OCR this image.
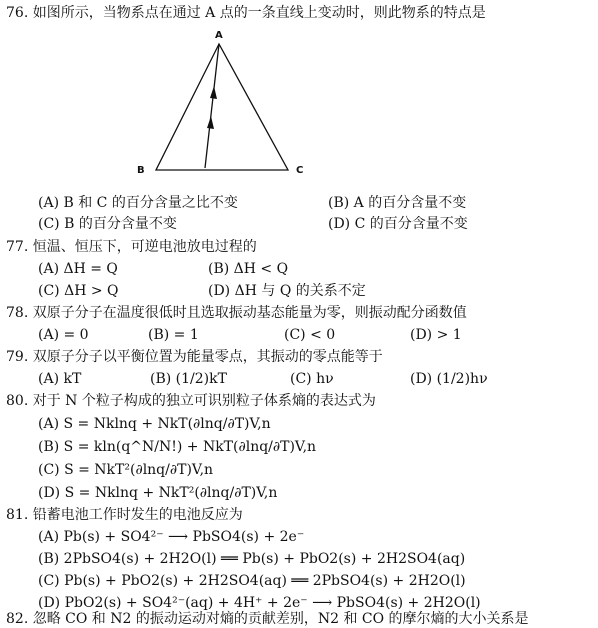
76. 如图所示，当物系点在通过 A 点的一条直线上变动时，则此物系的特点是
A
B	C
(A) B 和 C 的百分含量之比不变	(B) A 的百分含量不变
(C) B 的百分含量不变	(D) C 的百分含量不变
77. 恒温、恒压下，可逆电池放电过程的
(A) ΔH = Q	(B) ΔH < Q
(C) ΔH > Q	(D) ΔH 与 Q 的关系不定
78. 双原子分子在温度很低时且选取振动基态能量为零，则振动配分函数值
(A) = 0	(B) = 1	(C) < 0	(D) > 1
79. 双原子分子以平衡位置为能量零点，其振动的零点能等于
(A) kT	(B) (1/2)kT	(C) hν	(D) (1/2)hν
80. 对于 N 个粒子构成的独立可识别粒子体系熵的表达式为
(A) S = Nklnq + NkT(∂lnq/∂T)V,n
(B) S = kln(q^N/N!) + NkT(∂lnq/∂T)V,n
(C) S = NkT²(∂lnq/∂T)V,n
(D) S = Nklnq + NkT²(∂lnq/∂T)V,n
81. 铅蓄电池工作时发生的电池反应为
(A) Pb(s) + SO4²⁻ ⟶ PbSO4(s) + 2e⁻
(B) 2PbSO4(s) + 2H2O(l) ══ Pb(s) + PbO2(s) + 2H2SO4(aq)
(C) Pb(s) + PbO2(s) + 2H2SO4(aq) ══ 2PbSO4(s) + 2H2O(l)
(D) PbO2(s) + SO4²⁻(aq) + 4H⁺ + 2e⁻ ⟶ PbSO4(s) + 2H2O(l)
82. 忽略 CO 和 N2 的振动运动对熵的贡献差别，N2 和 CO 的摩尔熵的大小关系是
